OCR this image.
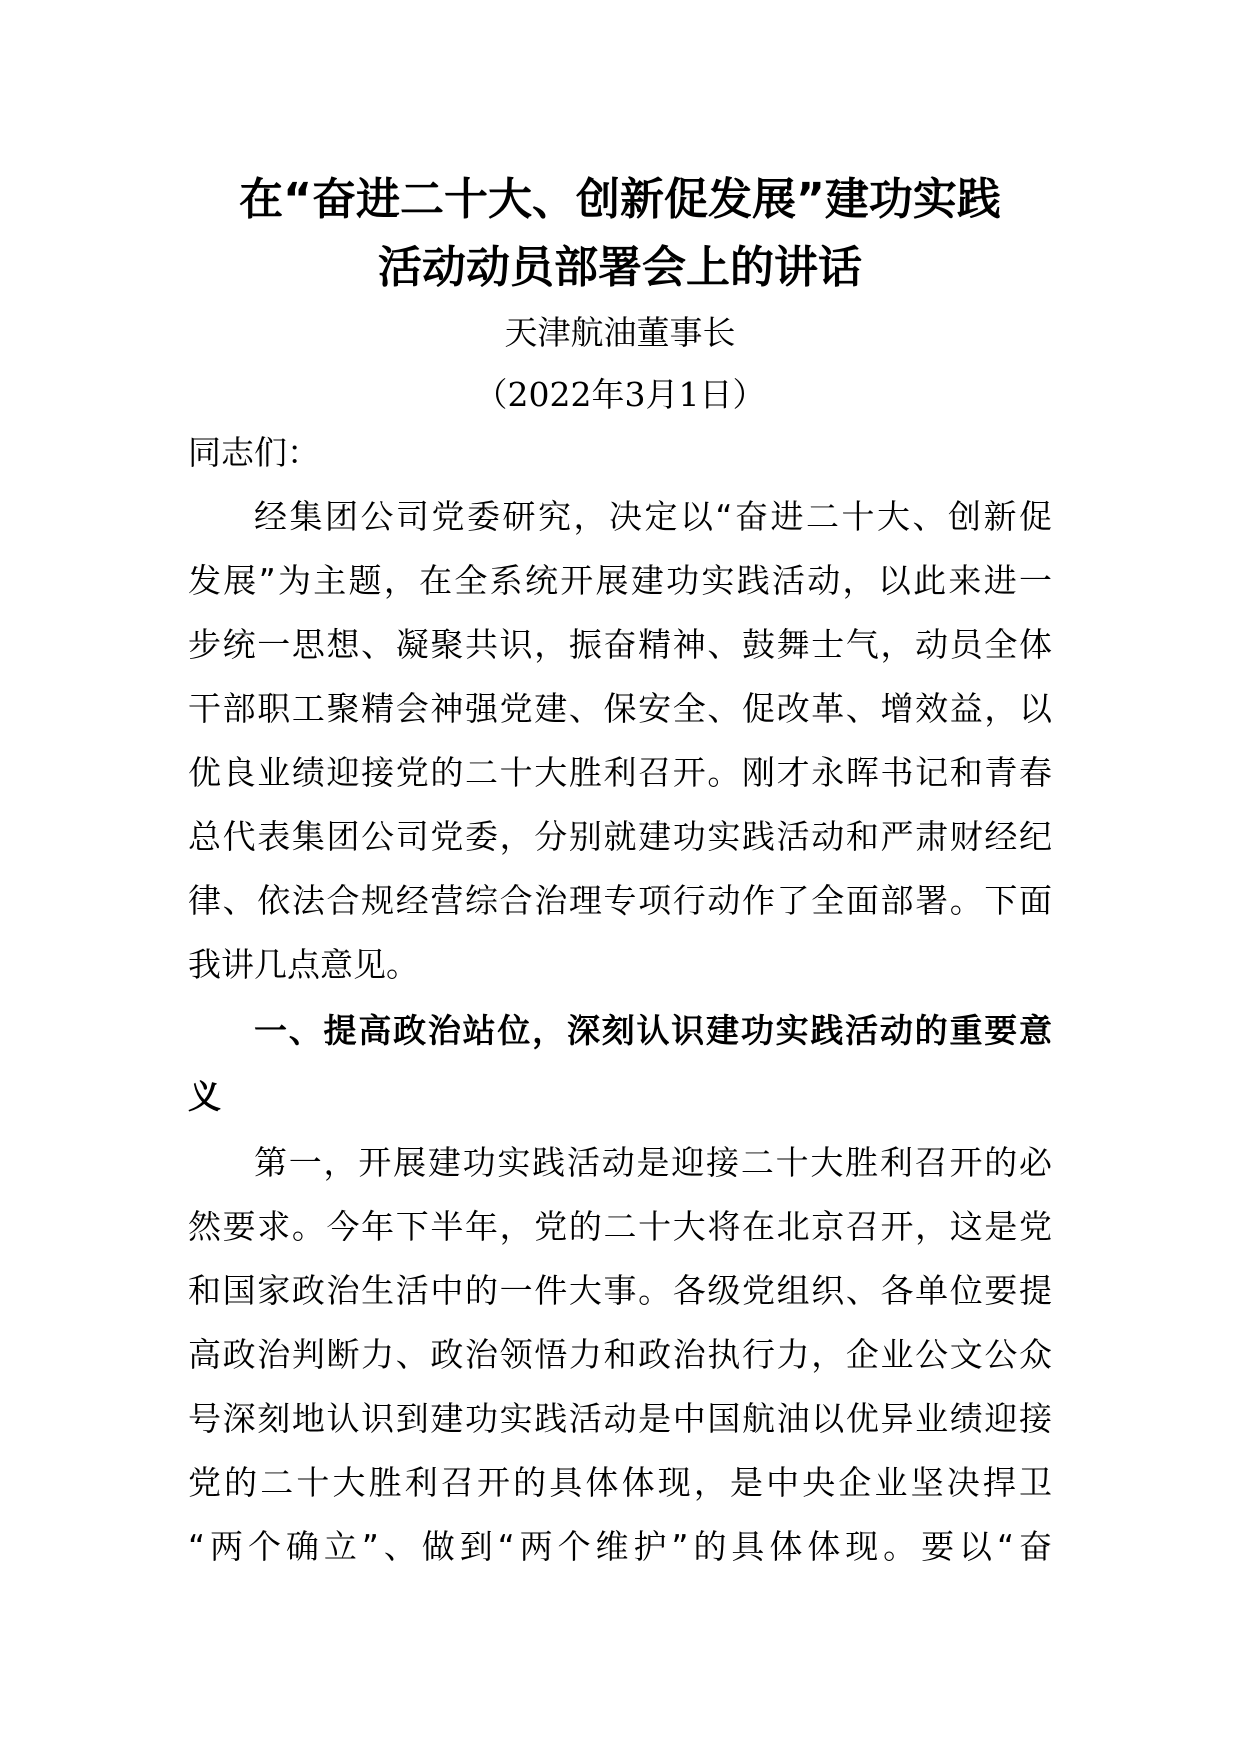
在“奋进二十大、创新促发展”建功实践
活动动员部署会上的讲话
天津航油董事长
（2022年3月1日）
同志们：
经集团公司党委研究，决定以“奋进二十大、创新促
发展”为主题，在全系统开展建功实践活动，以此来进一
步统一思想、凝聚共识，振奋精神、鼓舞士气，动员全体
干部职工聚精会神强党建、保安全、促改革、增效益，以
优良业绩迎接党的二十大胜利召开。刚才永晖书记和青春
总代表集团公司党委，分别就建功实践活动和严肃财经纪
律、依法合规经营综合治理专项行动作了全面部署。下面
我讲几点意见。
一、提高政治站位，深刻认识建功实践活动的重要意
义
第一，开展建功实践活动是迎接二十大胜利召开的必
然要求。今年下半年，党的二十大将在北京召开，这是党
和国家政治生活中的一件大事。各级党组织、各单位要提
高政治判断力、政治领悟力和政治执行力，企业公文公众
号深刻地认识到建功实践活动是中国航油以优异业绩迎接
党的二十大胜利召开的具体体现，是中央企业坚决捍卫
“两个确立”、做到“两个维护”的具体体现。要以“奋
